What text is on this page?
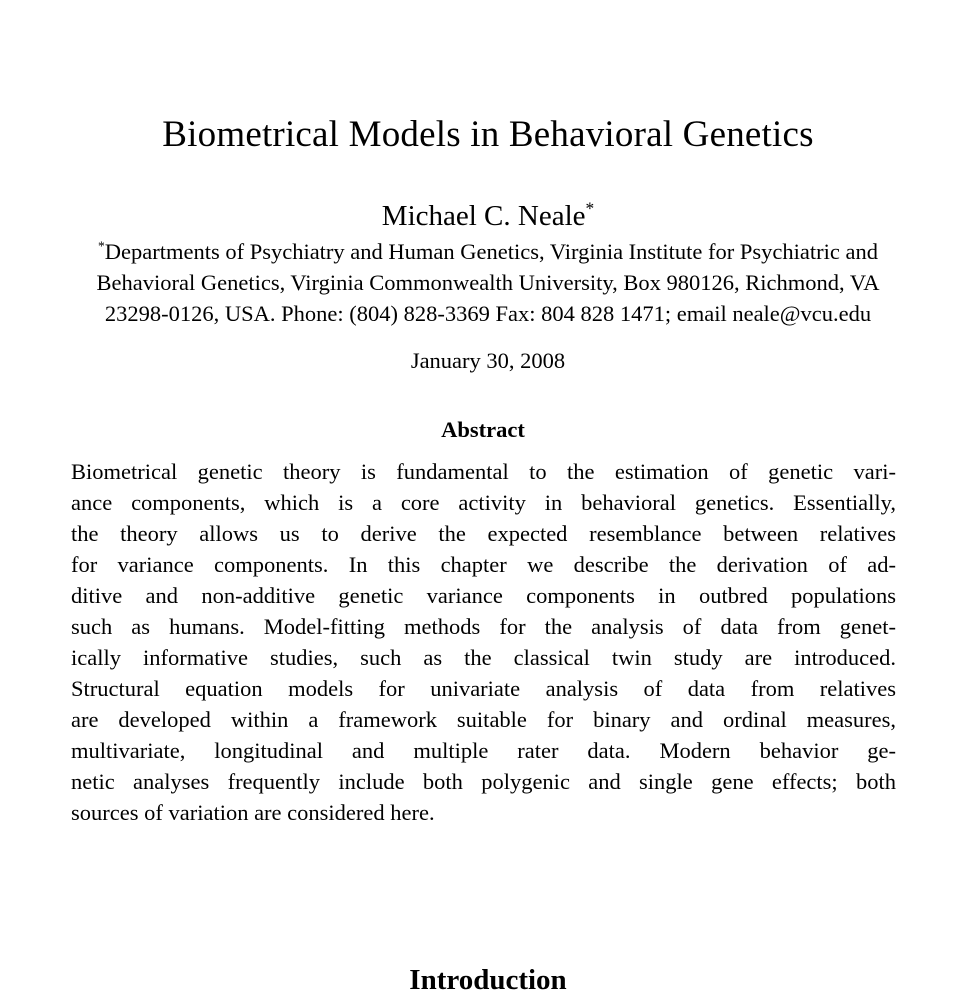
Biometrical Models in Behavioral Genetics
Michael C. Neale*
*Departments of Psychiatry and Human Genetics, Virginia Institute for Psychiatric and
Behavioral Genetics, Virginia Commonwealth University, Box 980126, Richmond, VA
23298-0126, USA. Phone: (804) 828-3369 Fax: 804 828 1471; email neale@vcu.edu
January 30, 2008
Abstract
Biometrical genetic theory is fundamental to the estimation of genetic vari-
ance components, which is a core activity in behavioral genetics. Essentially,
the theory allows us to derive the expected resemblance between relatives
for variance components. In this chapter we describe the derivation of ad-
ditive and non-additive genetic variance components in outbred populations
such as humans. Model-fitting methods for the analysis of data from genet-
ically informative studies, such as the classical twin study are introduced.
Structural equation models for univariate analysis of data from relatives
are developed within a framework suitable for binary and ordinal measures,
multivariate, longitudinal and multiple rater data. Modern behavior ge-
netic analyses frequently include both polygenic and single gene effects; both
sources of variation are considered here.
Introduction
